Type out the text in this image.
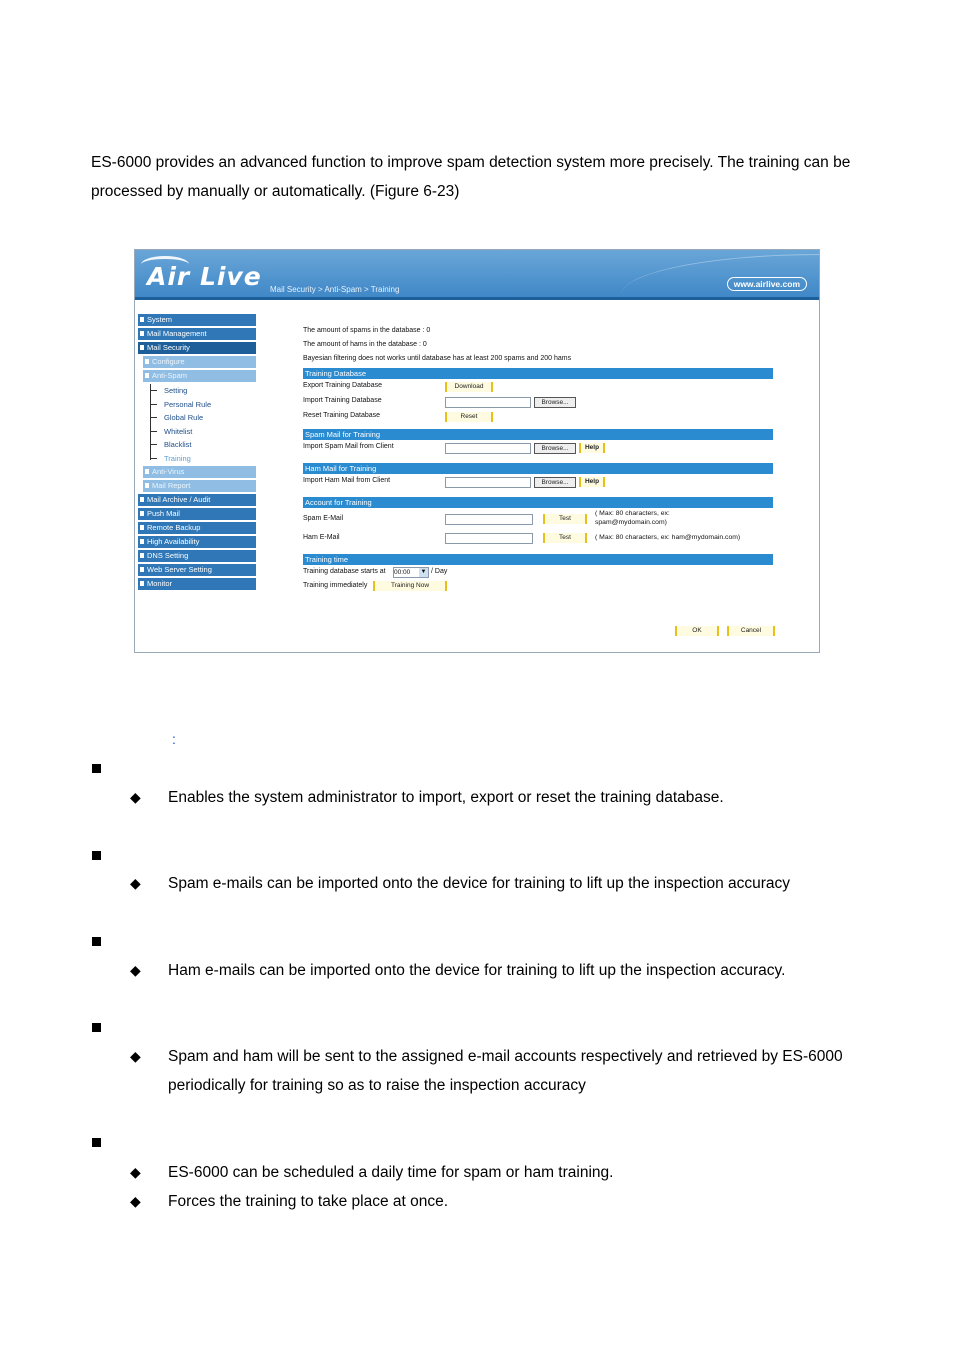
ES-6000 provides an advanced function to improve spam detection system more precisely. The training can be processed by manually or automatically. (Figure 6-23)
Air Live Mail Security > Anti-Spam > Training
www.airlive.com
System
Mail Management
Mail Security
Configure
Anti-Spam
Setting
Personal Rule
Global Rule
Whitelist
Blacklist
Training
Anti-Virus
Mail Report
Mail Archive / Audit
Push Mail
Remote Backup
High Availability
DNS Setting
Web Server Setting
Monitor
The amount of spams in the database : 0
The amount of hams in the database : 0
Bayesian filtering does not works until database has at least 200 spams and 200 hams
Training Database
Export Training Database	Download
Import Training Database	Browse...
Reset Training Database	Reset
Spam Mail for Training
Import Spam Mail from Client	Browse...	Help
Ham Mail for Training
Import Ham Mail from Client	Browse...	Help
Account for Training
Spam E-Mail	Test
( Max: 80 characters, ex:
spam@mydomain.com)
Ham E-Mail	Test	( Max: 80 characters, ex: ham@mydomain.com)
Training time
Training database starts at 00:00 ▼ / Day
Training immediately	Training Now
OK	Cancel
:
◆ Enables the system administrator to import, export or reset the training database.
◆ Spam e-mails can be imported onto the device for training to lift up the inspection accuracy
◆ Ham e-mails can be imported onto the device for training to lift up the inspection accuracy.
◆ Spam and ham will be sent to the assigned e-mail accounts respectively and retrieved by ES-6000 periodically for training so as to raise the inspection accuracy
◆ ES-6000 can be scheduled a daily time for spam or ham training.
◆ Forces the training to take place at once.
